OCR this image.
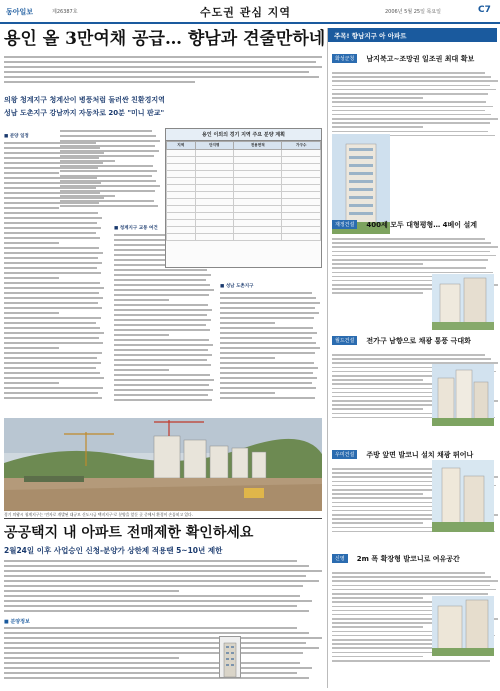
동아일보	제26387호	수도권 관심 지역	2006년 5월 25일 목요일	C7
용인 올 3만여채 공급… 향남과 견줄만하네
의왕 청계지구 청계산이 병풍처럼 둘러싼 친환경지역
성남 도촌지구 강남까지 자동차로 20분 "미니 판교"
■ 분양 일정
■ 청계지구 교통 여건
■ 성남 도촌지구
용인 이외의 경기 지역 주요 분양 계획
지역	단지명	전용면적	가구수

경기 의왕시 청계지구는 '민자로 개발된 대규모 신도시급 택지지구'로 분양을 앞둔 곳 중에서 환경이 손꼽히고 있다.
공공택지 내 아파트 전매제한 확인하세요
2월24일 이후 사업승인 신청-분양가 상한제 적용땐 5~10년 제한
■ 분양정보
주목! 향남지구 아 아파트
화성군청 남지북고~조망권 일조권 최대 확보
재정건설 400세 모두 대형평형… 4베이 설계
월드건설 전가구 남향으로 채광 통풍 극대화
우미건설 주방 앞면 발코니 설치 채광 뛰어나
신영 2m 폭 확장형 발코니로 여유공간
